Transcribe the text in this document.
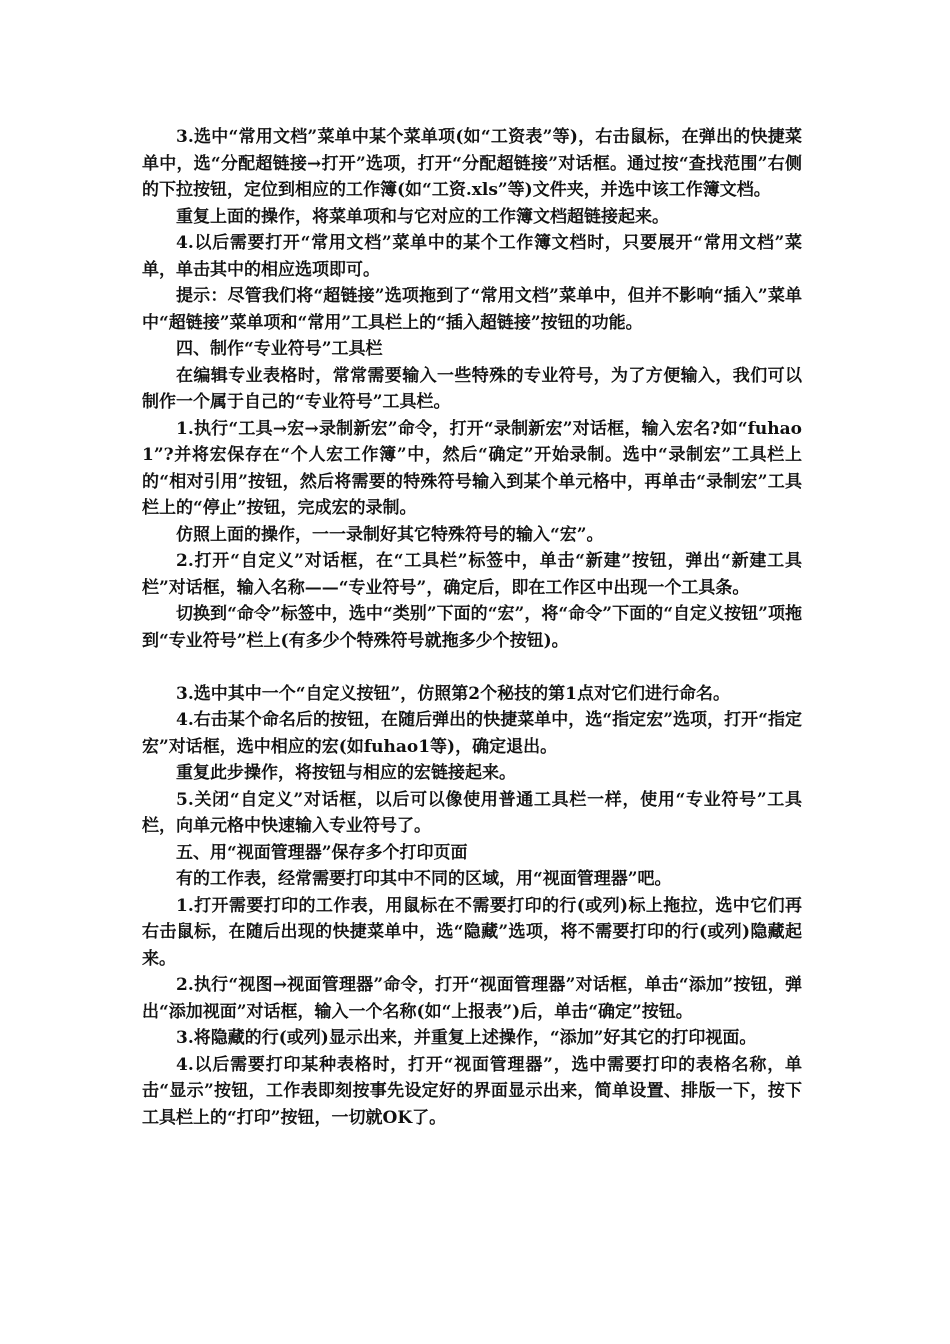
3.选中“常用文档”菜单中某个菜单项(如“工资表”等)，右击鼠标，在弹出的快捷菜单中，选“分配超链接→打开”选项，打开“分配超链接”对话框。通过按“查找范围”右侧的下拉按钮，定位到相应的工作簿(如“工资.xls”等)文件夹，并选中该工作簿文档。

重复上面的操作，将菜单项和与它对应的工作簿文档超链接起来。

4.以后需要打开“常用文档”菜单中的某个工作簿文档时，只要展开“常用文档”菜单，单击其中的相应选项即可。

提示：尽管我们将“超链接”选项拖到了“常用文档”菜单中，但并不影响“插入”菜单中“超链接”菜单项和“常用”工具栏上的“插入超链接”按钮的功能。

四、制作“专业符号”工具栏

在编辑专业表格时，常常需要输入一些特殊的专业符号，为了方便输入，我们可以制作一个属于自己的“专业符号”工具栏。

1.执行“工具→宏→录制新宏”命令，打开“录制新宏”对话框，输入宏名?如“fuhao1”?并将宏保存在“个人宏工作簿”中，然后“确定”开始录制。选中“录制宏”工具栏上的“相对引用”按钮，然后将需要的特殊符号输入到某个单元格中，再单击“录制宏”工具栏上的“停止”按钮，完成宏的录制。

仿照上面的操作，一一录制好其它特殊符号的输入“宏”。

2.打开“自定义”对话框，在“工具栏”标签中，单击“新建”按钮，弹出“新建工具栏”对话框，输入名称——“专业符号”，确定后，即在工作区中出现一个工具条。

切换到“命令”标签中，选中“类别”下面的“宏”，将“命令”下面的“自定义按钮”项拖到“专业符号”栏上(有多少个特殊符号就拖多少个按钮)。

3.选中其中一个“自定义按钮”，仿照第2个秘技的第1点对它们进行命名。

4.右击某个命名后的按钮，在随后弹出的快捷菜单中，选“指定宏”选项，打开“指定宏”对话框，选中相应的宏(如fuhao1等)，确定退出。

重复此步操作，将按钮与相应的宏链接起来。

5.关闭“自定义”对话框，以后可以像使用普通工具栏一样，使用“专业符号”工具栏，向单元格中快速输入专业符号了。

五、用“视面管理器”保存多个打印页面

有的工作表，经常需要打印其中不同的区域，用“视面管理器”吧。

1.打开需要打印的工作表，用鼠标在不需要打印的行(或列)标上拖拉，选中它们再右击鼠标，在随后出现的快捷菜单中，选“隐藏”选项，将不需要打印的行(或列)隐藏起来。

2.执行“视图→视面管理器”命令，打开“视面管理器”对话框，单击“添加”按钮，弹出“添加视面”对话框，输入一个名称(如“上报表”)后，单击“确定”按钮。

3.将隐藏的行(或列)显示出来，并重复上述操作，“添加”好其它的打印视面。

4.以后需要打印某种表格时，打开“视面管理器”，选中需要打印的表格名称，单击“显示”按钮，工作表即刻按事先设定好的界面显示出来，简单设置、排版一下，按下工具栏上的“打印”按钮，一切就OK了。
